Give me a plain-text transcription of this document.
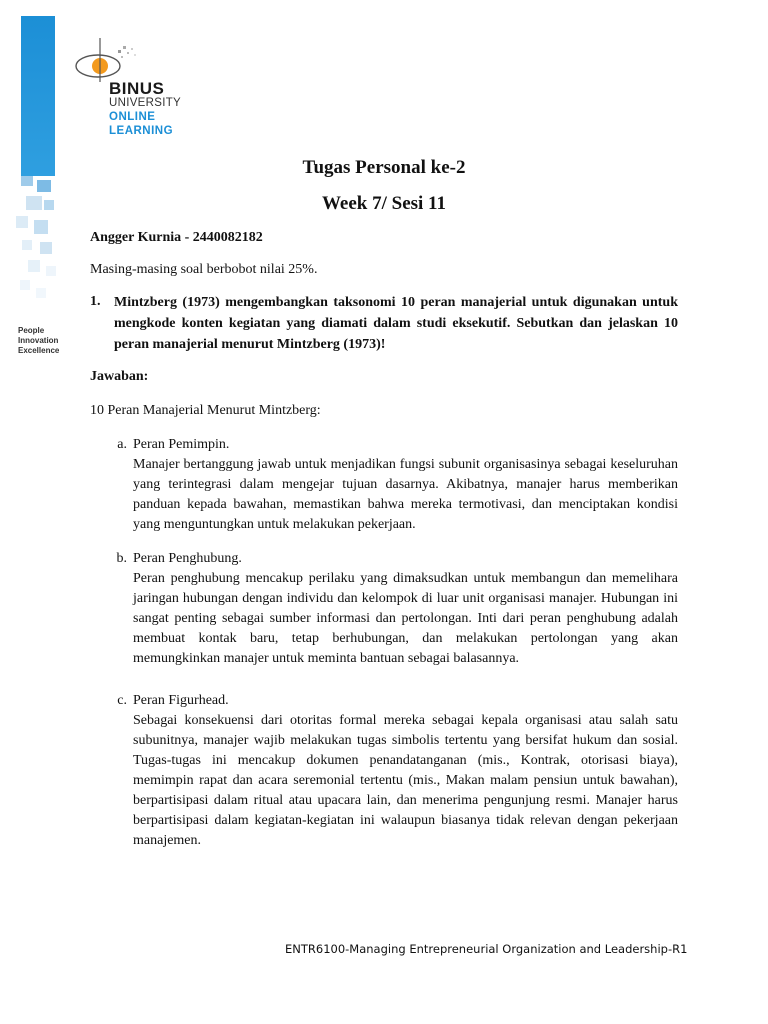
People
Innovation
Excellence
BINUS
UNIVERSITY
ONLINE
LEARNING
Tugas Personal ke-2
Week 7/ Sesi 11
Angger Kurnia - 2440082182
Masing-masing soal berbobot nilai 25%.
1. Mintzberg (1973) mengembangkan taksonomi 10 peran manajerial untuk digunakan untuk mengkode konten kegiatan yang diamati dalam studi eksekutif. Sebutkan dan jelaskan 10 peran manajerial menurut Mintzberg (1973)!
Jawaban:
10 Peran Manajerial Menurut Mintzberg:
a. Peran Pemimpin.
Manajer bertanggung jawab untuk menjadikan fungsi subunit organisasinya sebagai keseluruhan yang terintegrasi dalam mengejar tujuan dasarnya. Akibatnya, manajer harus memberikan panduan kepada bawahan, memastikan bahwa mereka termotivasi, dan menciptakan kondisi yang menguntungkan untuk melakukan pekerjaan.
b. Peran Penghubung.
Peran penghubung mencakup perilaku yang dimaksudkan untuk membangun dan memelihara jaringan hubungan dengan individu dan kelompok di luar unit organisasi manajer. Hubungan ini sangat penting sebagai sumber informasi dan pertolongan. Inti dari peran penghubung adalah membuat kontak baru, tetap berhubungan, dan melakukan pertolongan yang akan memungkinkan manajer untuk meminta bantuan sebagai balasannya.
c. Peran Figurhead.
Sebagai konsekuensi dari otoritas formal mereka sebagai kepala organisasi atau salah satu subunitnya, manajer wajib melakukan tugas simbolis tertentu yang bersifat hukum dan sosial. Tugas-tugas ini mencakup dokumen penandatanganan (mis., Kontrak, otorisasi biaya), memimpin rapat dan acara seremonial tertentu (mis., Makan malam pensiun untuk bawahan), berpartisipasi dalam ritual atau upacara lain, dan menerima pengunjung resmi. Manajer harus berpartisipasi dalam kegiatan-kegiatan ini walaupun biasanya tidak relevan dengan pekerjaan manajemen.
ENTR6100-Managing Entrepreneurial Organization and Leadership-R1
